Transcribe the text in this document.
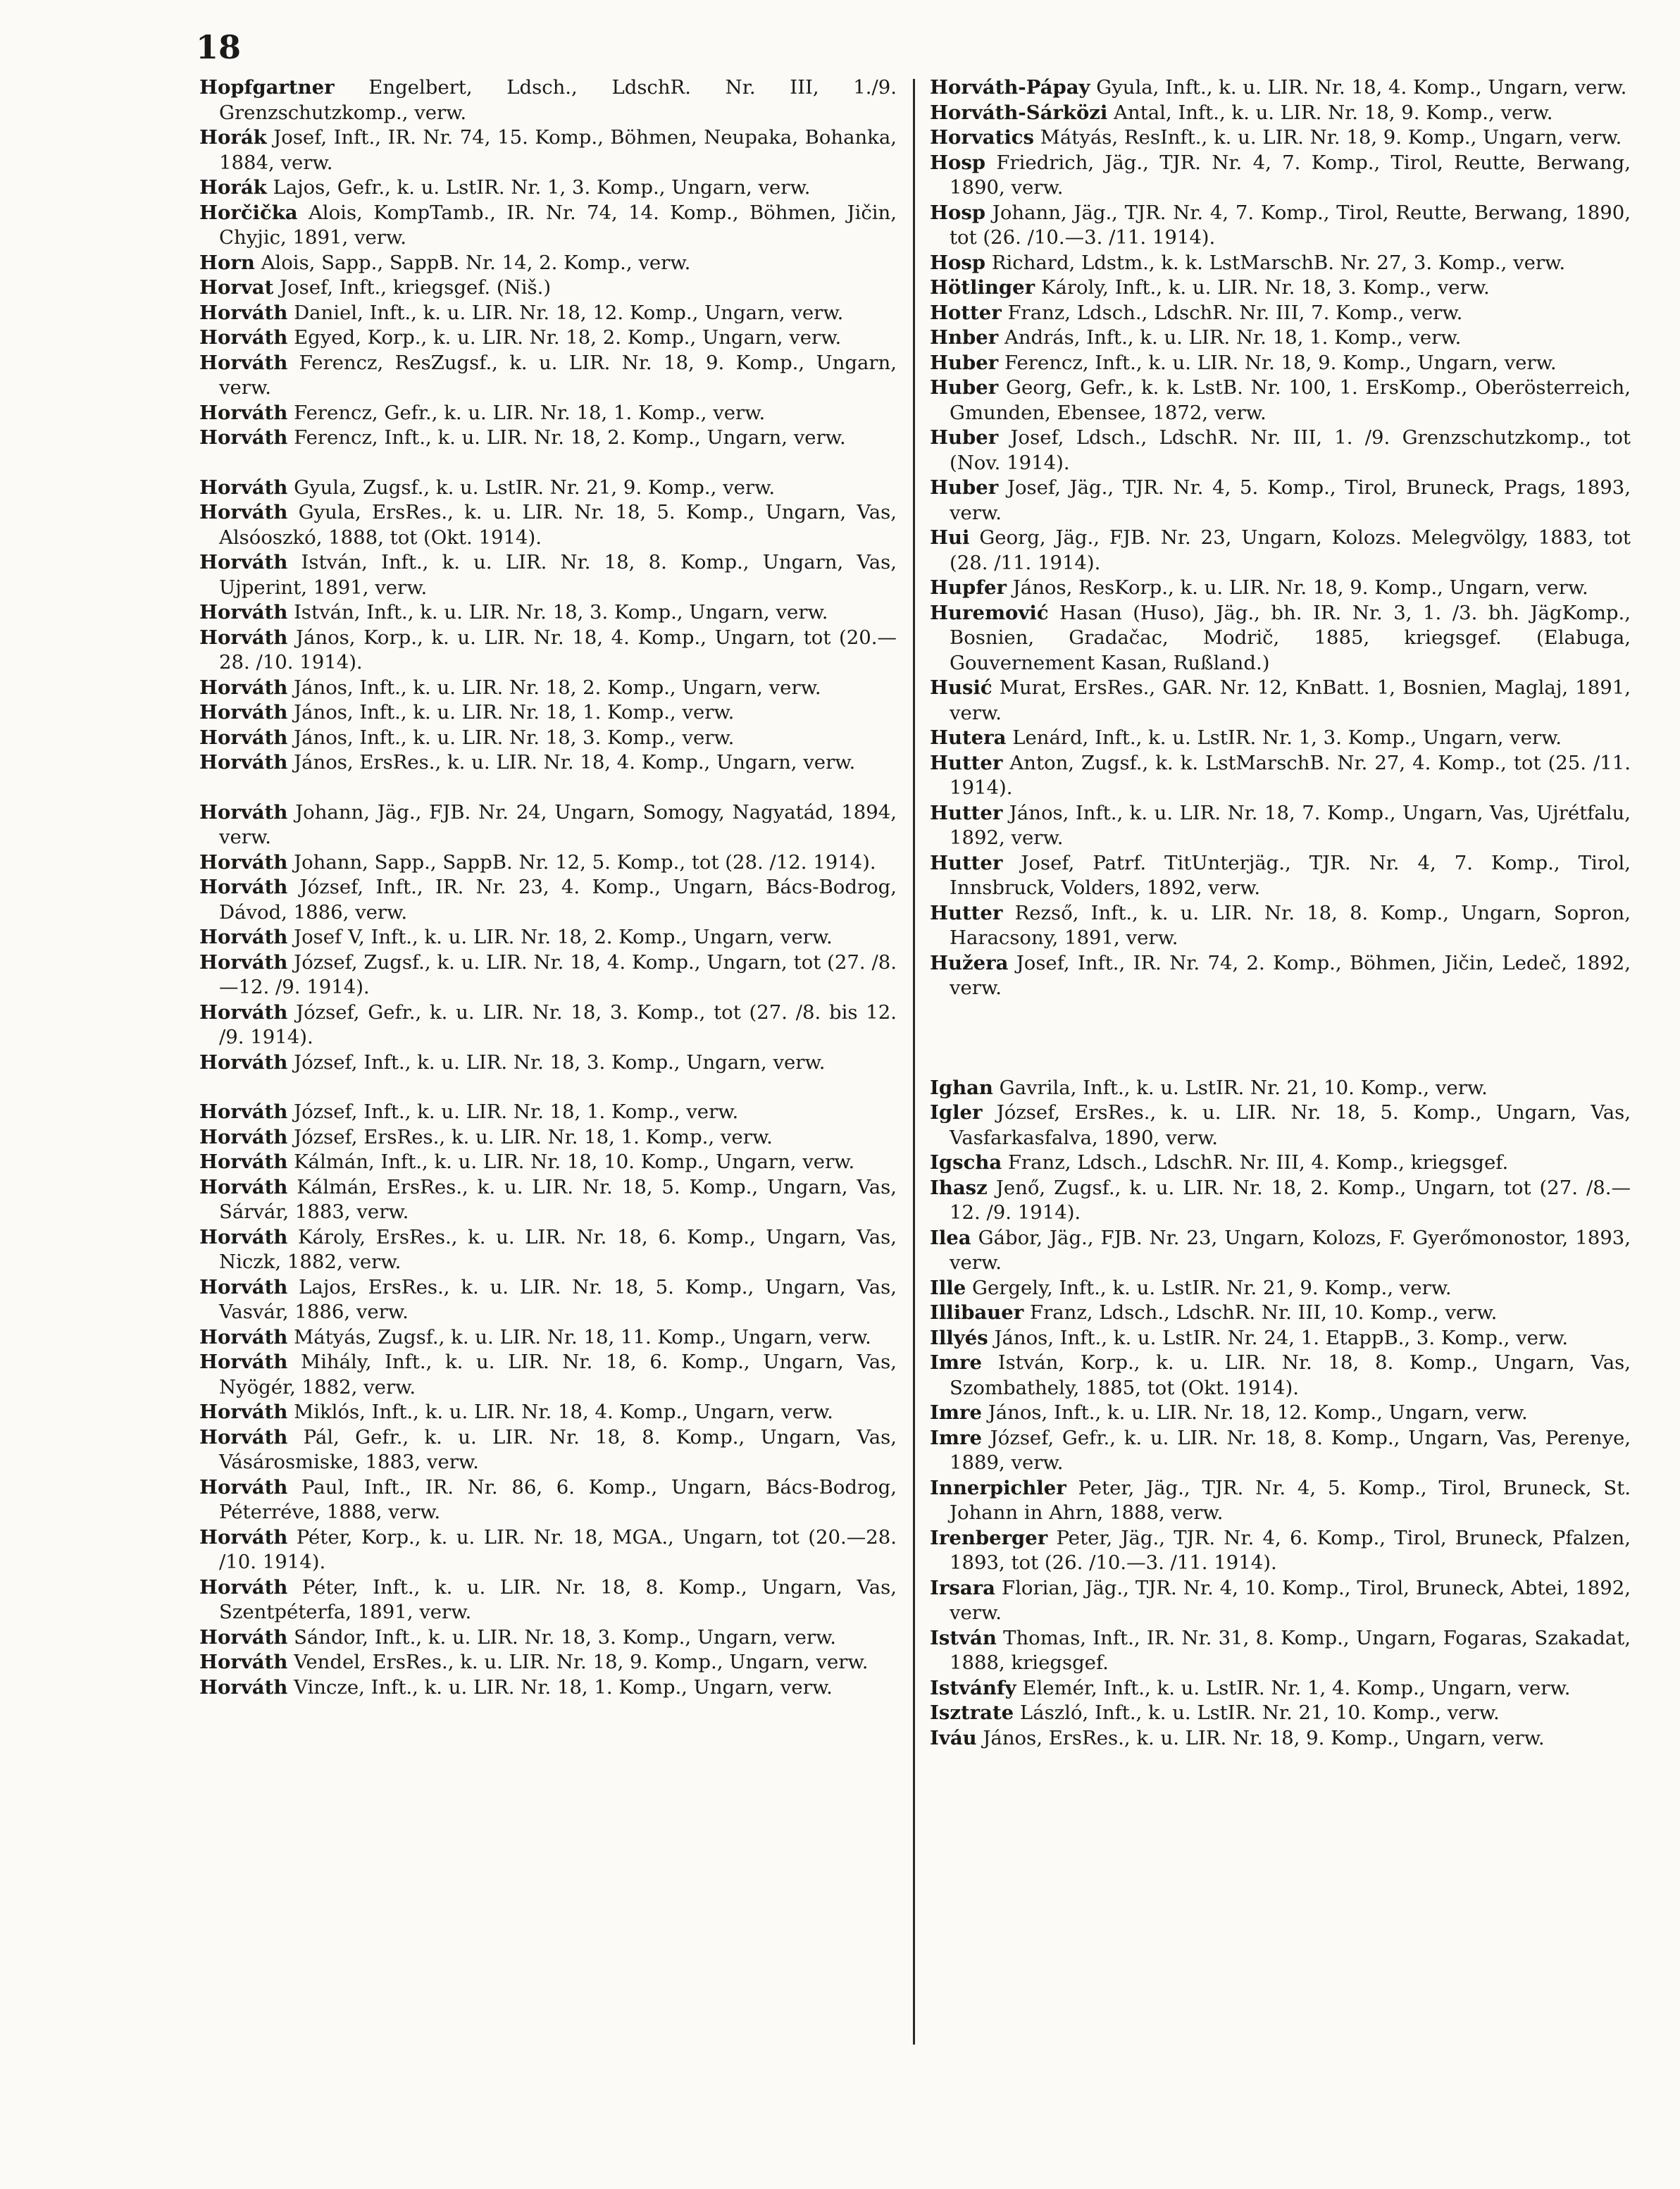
18
Hopfgartner Engelbert, Ldsch., LdschR. Nr. III, 1./9. Grenzschutzkomp., verw.
Horák Josef, Inft., IR. Nr. 74, 15. Komp., Böhmen, Neupaka, Bohanka, 1884, verw.
Horák Lajos, Gefr., k. u. LstIR. Nr. 1, 3. Komp., Ungarn, verw.
Horčička Alois, KompTamb., IR. Nr. 74, 14. Komp., Böhmen, Jičin, Chyjic, 1891, verw.
Horn Alois, Sapp., SappB. Nr. 14, 2. Komp., verw.
Horvat Josef, Inft., kriegsgef. (Niš.)
Horváth Daniel, Inft., k. u. LIR. Nr. 18, 12. Komp., Ungarn, verw.
Horváth Egyed, Korp., k. u. LIR. Nr. 18, 2. Komp., Ungarn, verw.
Horváth Ferencz, ResZugsf., k. u. LIR. Nr. 18, 9. Komp., Ungarn, verw.
Horváth Ferencz, Gefr., k. u. LIR. Nr. 18, 1. Komp., verw.
Horváth Ferencz, Inft., k. u. LIR. Nr. 18, 2. Komp., Ungarn, verw.
Horváth Gyula, Zugsf., k. u. LstIR. Nr. 21, 9. Komp., verw.
Horváth Gyula, ErsRes., k. u. LIR. Nr. 18, 5. Komp., Ungarn, Vas, Alsóoszkó, 1888, tot (Okt. 1914).
Horváth István, Inft., k. u. LIR. Nr. 18, 8. Komp., Ungarn, Vas, Ujperint, 1891, verw.
Horváth István, Inft., k. u. LIR. Nr. 18, 3. Komp., Ungarn, verw.
Horváth János, Korp., k. u. LIR. Nr. 18, 4. Komp., Ungarn, tot (20.—28. /10. 1914).
Horváth János, Inft., k. u. LIR. Nr. 18, 2. Komp., Ungarn, verw.
Horváth János, Inft., k. u. LIR. Nr. 18, 1. Komp., verw.
Horváth János, Inft., k. u. LIR. Nr. 18, 3. Komp., verw.
Horváth János, ErsRes., k. u. LIR. Nr. 18, 4. Komp., Ungarn, verw.
Horváth Johann, Jäg., FJB. Nr. 24, Ungarn, Somogy, Nagyatád, 1894, verw.
Horváth Johann, Sapp., SappB. Nr. 12, 5. Komp., tot (28. /12. 1914).
Horváth József, Inft., IR. Nr. 23, 4. Komp., Ungarn, Bács-Bodrog, Dávod, 1886, verw.
Horváth Josef V, Inft., k. u. LIR. Nr. 18, 2. Komp., Ungarn, verw.
Horváth József, Zugsf., k. u. LIR. Nr. 18, 4. Komp., Ungarn, tot (27. /8.—12. /9. 1914).
Horváth József, Gefr., k. u. LIR. Nr. 18, 3. Komp., tot (27. /8. bis 12. /9. 1914).
Horváth József, Inft., k. u. LIR. Nr. 18, 3. Komp., Ungarn, verw.
Horváth József, Inft., k. u. LIR. Nr. 18, 1. Komp., verw.
Horváth József, ErsRes., k. u. LIR. Nr. 18, 1. Komp., verw.
Horváth Kálmán, Inft., k. u. LIR. Nr. 18, 10. Komp., Ungarn, verw.
Horváth Kálmán, ErsRes., k. u. LIR. Nr. 18, 5. Komp., Ungarn, Vas, Sárvár, 1883, verw.
Horváth Károly, ErsRes., k. u. LIR. Nr. 18, 6. Komp., Ungarn, Vas, Niczk, 1882, verw.
Horváth Lajos, ErsRes., k. u. LIR. Nr. 18, 5. Komp., Ungarn, Vas, Vasvár, 1886, verw.
Horváth Mátyás, Zugsf., k. u. LIR. Nr. 18, 11. Komp., Ungarn, verw.
Horváth Mihály, Inft., k. u. LIR. Nr. 18, 6. Komp., Ungarn, Vas, Nyögér, 1882, verw.
Horváth Miklós, Inft., k. u. LIR. Nr. 18, 4. Komp., Ungarn, verw.
Horváth Pál, Gefr., k. u. LIR. Nr. 18, 8. Komp., Ungarn, Vas, Vásárosmiske, 1883, verw.
Horváth Paul, Inft., IR. Nr. 86, 6. Komp., Ungarn, Bács-Bodrog, Péterréve, 1888, verw.
Horváth Péter, Korp., k. u. LIR. Nr. 18, MGA., Ungarn, tot (20.—28. /10. 1914).
Horváth Péter, Inft., k. u. LIR. Nr. 18, 8. Komp., Ungarn, Vas, Szentpéterfa, 1891, verw.
Horváth Sándor, Inft., k. u. LIR. Nr. 18, 3. Komp., Ungarn, verw.
Horváth Vendel, ErsRes., k. u. LIR. Nr. 18, 9. Komp., Ungarn, verw.
Horváth Vincze, Inft., k. u. LIR. Nr. 18, 1. Komp., Ungarn, verw.
Horváth-Pápay Gyula, Inft., k. u. LIR. Nr. 18, 4. Komp., Ungarn, verw.
Horváth-Sárközi Antal, Inft., k. u. LIR. Nr. 18, 9. Komp., verw.
Horvatics Mátyás, ResInft., k. u. LIR. Nr. 18, 9. Komp., Ungarn, verw.
Hosp Friedrich, Jäg., TJR. Nr. 4, 7. Komp., Tirol, Reutte, Berwang, 1890, verw.
Hosp Johann, Jäg., TJR. Nr. 4, 7. Komp., Tirol, Reutte, Berwang, 1890, tot (26. /10.—3. /11. 1914).
Hosp Richard, Ldstm., k. k. LstMarschB. Nr. 27, 3. Komp., verw.
Hötlinger Károly, Inft., k. u. LIR. Nr. 18, 3. Komp., verw.
Hotter Franz, Ldsch., LdschR. Nr. III, 7. Komp., verw.
Hnber András, Inft., k. u. LIR. Nr. 18, 1. Komp., verw.
Huber Ferencz, Inft., k. u. LIR. Nr. 18, 9. Komp., Ungarn, verw.
Huber Georg, Gefr., k. k. LstB. Nr. 100, 1. ErsKomp., Oberösterreich, Gmunden, Ebensee, 1872, verw.
Huber Josef, Ldsch., LdschR. Nr. III, 1. /9. Grenzschutzkomp., tot (Nov. 1914).
Huber Josef, Jäg., TJR. Nr. 4, 5. Komp., Tirol, Bruneck, Prags, 1893, verw.
Hui Georg, Jäg., FJB. Nr. 23, Ungarn, Kolozs. Melegvölgy, 1883, tot (28. /11. 1914).
Hupfer János, ResKorp., k. u. LIR. Nr. 18, 9. Komp., Ungarn, verw.
Huremović Hasan (Huso), Jäg., bh. IR. Nr. 3, 1. /3. bh. JägKomp., Bosnien, Gradačac, Modrič, 1885, kriegsgef. (Elabuga, Gouvernement Kasan, Rußland.)
Husić Murat, ErsRes., GAR. Nr. 12, KnBatt. 1, Bosnien, Maglaj, 1891, verw.
Hutera Lenárd, Inft., k. u. LstIR. Nr. 1, 3. Komp., Ungarn, verw.
Hutter Anton, Zugsf., k. k. LstMarschB. Nr. 27, 4. Komp., tot (25. /11. 1914).
Hutter János, Inft., k. u. LIR. Nr. 18, 7. Komp., Ungarn, Vas, Ujrétfalu, 1892, verw.
Hutter Josef, Patrf. TitUnterjäg., TJR. Nr. 4, 7. Komp., Tirol, Innsbruck, Volders, 1892, verw.
Hutter Rezső, Inft., k. u. LIR. Nr. 18, 8. Komp., Ungarn, Sopron, Haracsony, 1891, verw.
Hužera Josef, Inft., IR. Nr. 74, 2. Komp., Böhmen, Jičin, Ledeč, 1892, verw.
Ighan Gavrila, Inft., k. u. LstIR. Nr. 21, 10. Komp., verw.
Igler József, ErsRes., k. u. LIR. Nr. 18, 5. Komp., Ungarn, Vas, Vasfarkasfalva, 1890, verw.
Igscha Franz, Ldsch., LdschR. Nr. III, 4. Komp., kriegsgef.
Ihasz Jenő, Zugsf., k. u. LIR. Nr. 18, 2. Komp., Ungarn, tot (27. /8.—12. /9. 1914).
Ilea Gábor, Jäg., FJB. Nr. 23, Ungarn, Kolozs, F. Gyerőmonostor, 1893, verw.
Ille Gergely, Inft., k. u. LstIR. Nr. 21, 9. Komp., verw.
Illibauer Franz, Ldsch., LdschR. Nr. III, 10. Komp., verw.
Illyés János, Inft., k. u. LstIR. Nr. 24, 1. EtappB., 3. Komp., verw.
Imre István, Korp., k. u. LIR. Nr. 18, 8. Komp., Ungarn, Vas, Szombathely, 1885, tot (Okt. 1914).
Imre János, Inft., k. u. LIR. Nr. 18, 12. Komp., Ungarn, verw.
Imre József, Gefr., k. u. LIR. Nr. 18, 8. Komp., Ungarn, Vas, Perenye, 1889, verw.
Innerpichler Peter, Jäg., TJR. Nr. 4, 5. Komp., Tirol, Bruneck, St. Johann in Ahrn, 1888, verw.
Irenberger Peter, Jäg., TJR. Nr. 4, 6. Komp., Tirol, Bruneck, Pfalzen, 1893, tot (26. /10.—3. /11. 1914).
Irsara Florian, Jäg., TJR. Nr. 4, 10. Komp., Tirol, Bruneck, Abtei, 1892, verw.
István Thomas, Inft., IR. Nr. 31, 8. Komp., Ungarn, Fogaras, Szakadat, 1888, kriegsgef.
Istvánfy Elemér, Inft., k. u. LstIR. Nr. 1, 4. Komp., Ungarn, verw.
Isztrate László, Inft., k. u. LstIR. Nr. 21, 10. Komp., verw.
Iváu János, ErsRes., k. u. LIR. Nr. 18, 9. Komp., Ungarn, verw.
